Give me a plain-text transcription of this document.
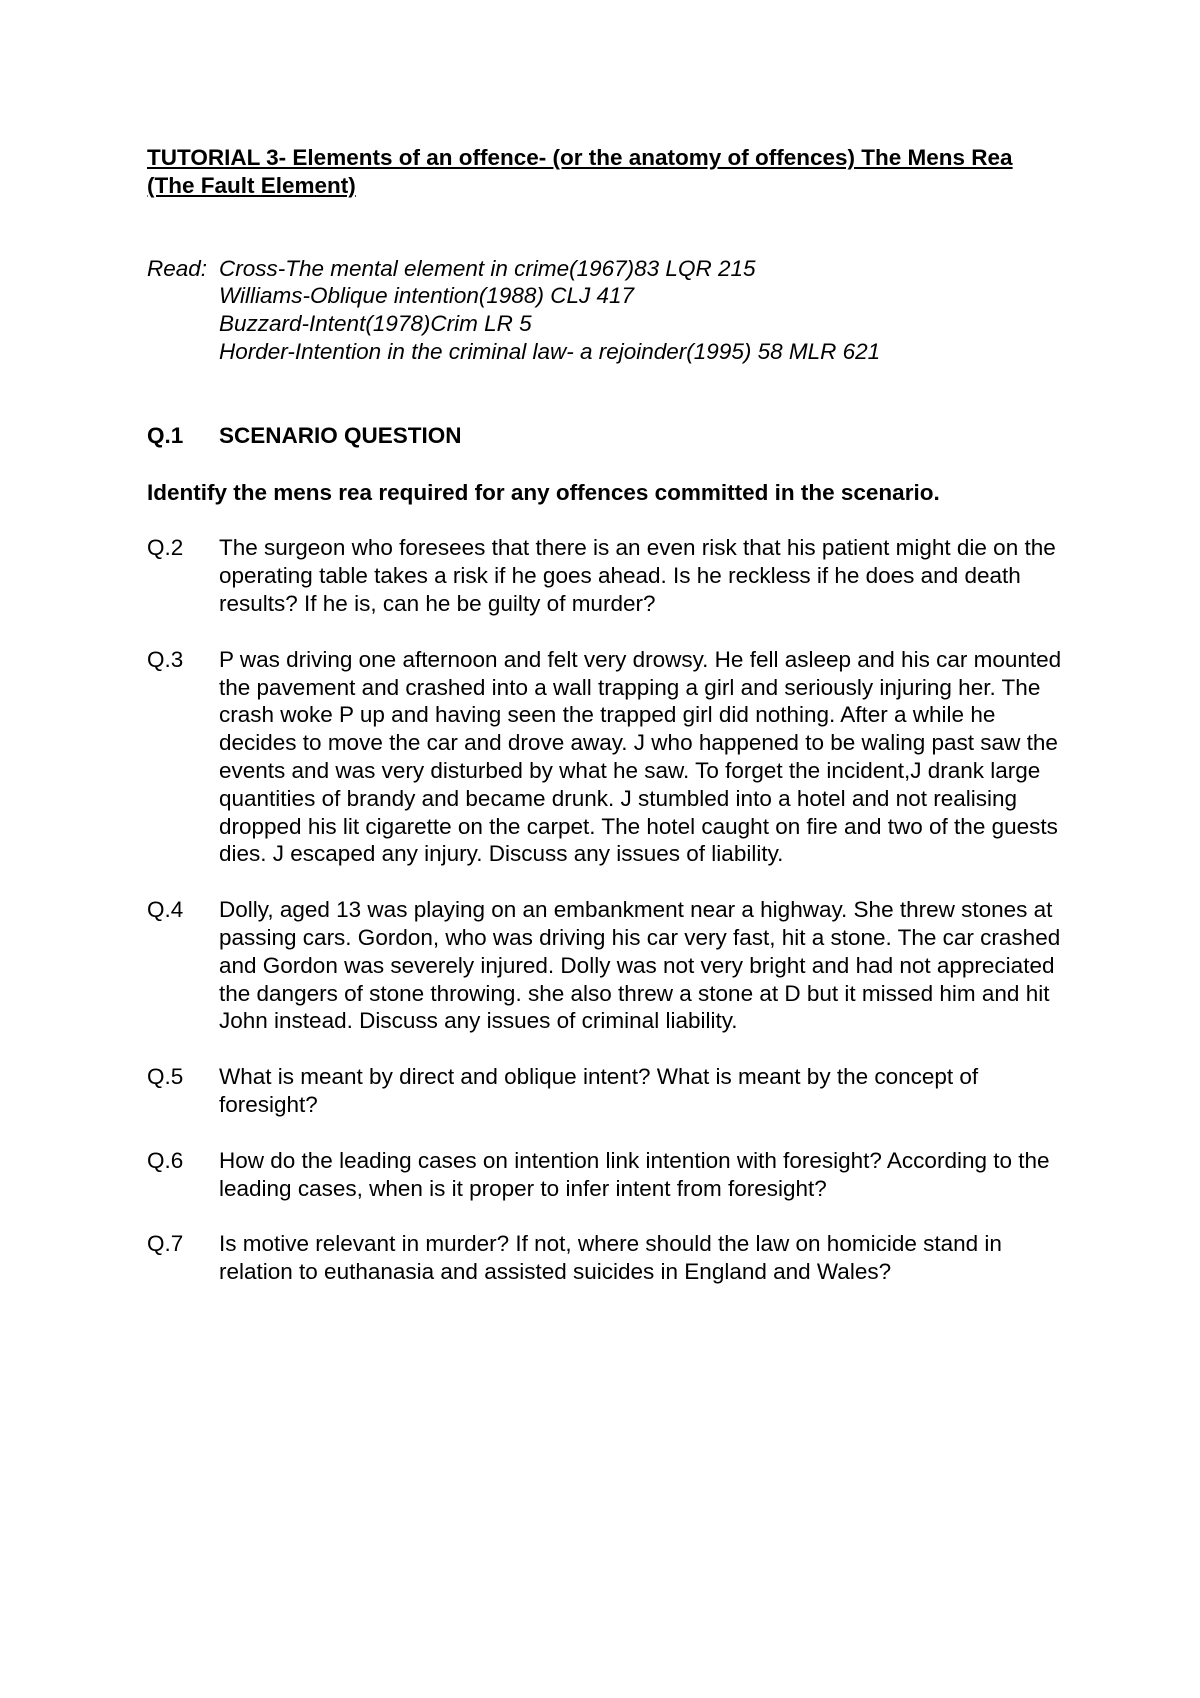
TUTORIAL 3- Elements of an offence- (or the anatomy of offences) The Mens Rea (The Fault Element)

Read: Cross-The mental element in crime(1967)83 LQR 215
Williams-Oblique intention(1988) CLJ 417
Buzzard-Intent(1978)Crim LR 5
Horder-Intention in the criminal law- a rejoinder(1995) 58 MLR 621
Q.1	SCENARIO QUESTION
Identify the mens rea required for any offences committed in the scenario.
Q.2	The surgeon who foresees that there is an even risk that his patient might die on the operating table takes a risk if he goes ahead. Is he reckless if he does and death results? If he is, can he be guilty of murder?
Q.3	P was driving one afternoon and felt very drowsy. He fell asleep and his car mounted the pavement and crashed into a wall trapping a girl and seriously injuring her. The crash woke P up and having seen the trapped girl did nothing. After a while he decides to move the car and drove away. J who happened to be waling past saw the events and was very disturbed by what he saw. To forget the incident,J drank large quantities of brandy and became drunk. J stumbled into a hotel and not realising dropped his lit cigarette on the carpet. The hotel caught on fire and two of the guests dies. J escaped any injury. Discuss any issues of liability.
Q.4	Dolly, aged 13 was playing on an embankment near a highway. She threw stones at passing cars. Gordon, who was driving his car very fast, hit a stone. The car crashed and Gordon was severely injured. Dolly was not very bright and had not appreciated the dangers of stone throwing. she also threw a stone at D but it missed him and hit John instead. Discuss any issues of criminal liability.
Q.5	What is meant by direct and oblique intent? What is meant by the concept of foresight?
Q.6	How do the leading cases on intention link intention with foresight? According to the leading cases, when is it proper to infer intent from foresight?
Q.7	Is motive relevant in murder? If not, where should the law on homicide stand in relation to euthanasia and assisted suicides in England and Wales?
